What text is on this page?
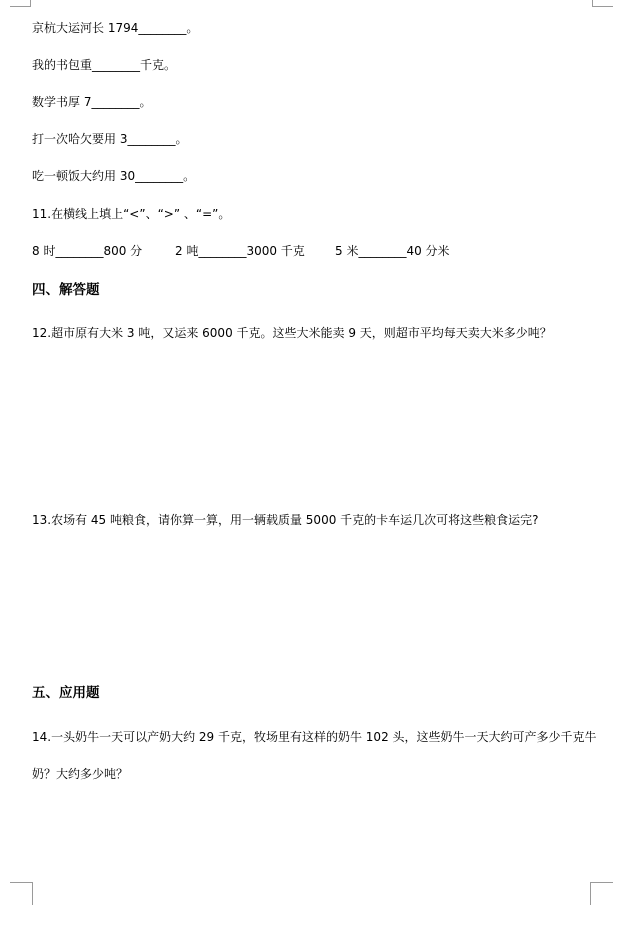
京杭大运河长 1794________。
我的书包重________千克。
数学书厚 7________。
打一次哈欠要用 3________。
吃一顿饭大约用 30________。
11.在横线上填上“<”、“>” 、“=”。
8 时________800 分	2 吨________3000 千克	5 米________40 分米
四、解答题
12.超市原有大米 3 吨，又运来 6000 千克。这些大米能卖 9 天，则超市平均每天卖大米多少吨？
13.农场有 45 吨粮食，请你算一算，用一辆载质量 5000 千克的卡车运几次可将这些粮食运完?
五、应用题
14.一头奶牛一天可以产奶大约 29 千克，牧场里有这样的奶牛 102 头，这些奶牛一天大约可产多少千克牛
奶？大约多少吨？
